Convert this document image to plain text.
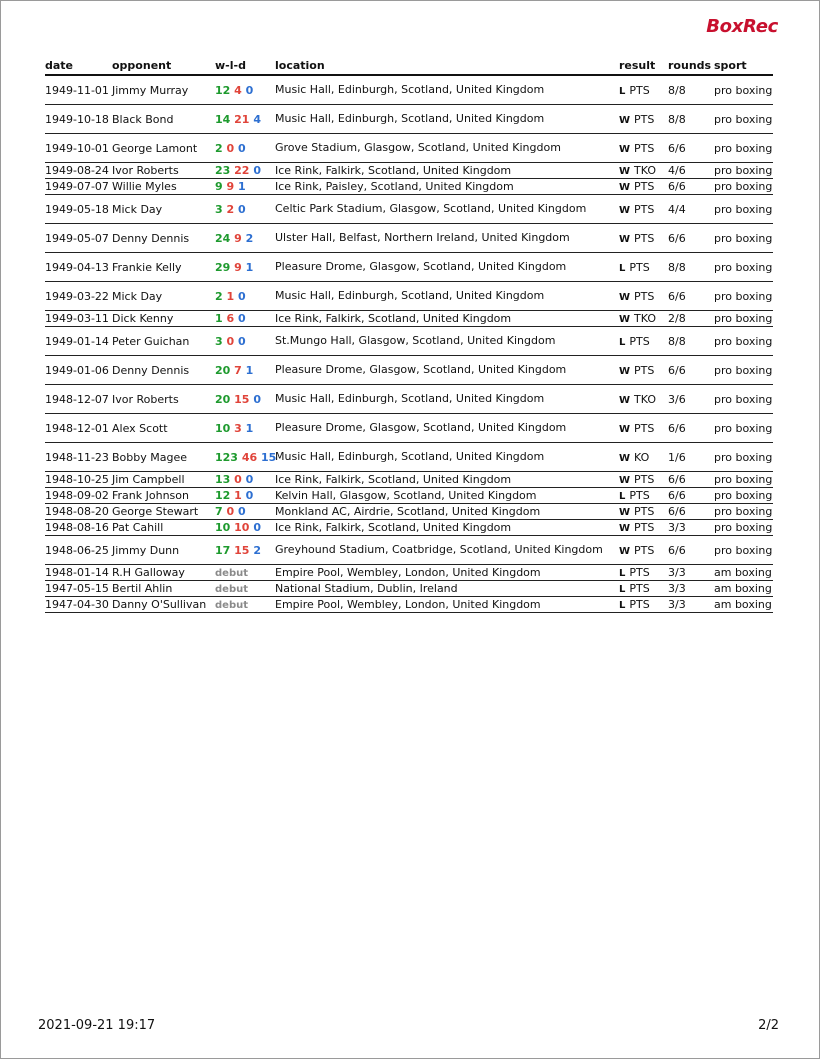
BoxRec
date	opponent	w-l-d	location	result	rounds	sport
1949-11-01	Jimmy Murray	12 4 0	Music Hall, Edinburgh, Scotland, United Kingdom	L PTS	8/8	pro boxing
1949-10-18	Black Bond	14 21 4	Music Hall, Edinburgh, Scotland, United Kingdom	W PTS	8/8	pro boxing
1949-10-01	George Lamont	2 0 0	Grove Stadium, Glasgow, Scotland, United Kingdom	W PTS	6/6	pro boxing
1949-08-24	Ivor Roberts	23 22 0	Ice Rink, Falkirk, Scotland, United Kingdom	W TKO	4/6	pro boxing
1949-07-07	Willie Myles	9 9 1	Ice Rink, Paisley, Scotland, United Kingdom	W PTS	6/6	pro boxing
1949-05-18	Mick Day	3 2 0	Celtic Park Stadium, Glasgow, Scotland, United Kingdom	W PTS	4/4	pro boxing
1949-05-07	Denny Dennis	24 9 2	Ulster Hall, Belfast, Northern Ireland, United Kingdom	W PTS	6/6	pro boxing
1949-04-13	Frankie Kelly	29 9 1	Pleasure Drome, Glasgow, Scotland, United Kingdom	L PTS	8/8	pro boxing
1949-03-22	Mick Day	2 1 0	Music Hall, Edinburgh, Scotland, United Kingdom	W PTS	6/6	pro boxing
1949-03-11	Dick Kenny	1 6 0	Ice Rink, Falkirk, Scotland, United Kingdom	W TKO	2/8	pro boxing
1949-01-14	Peter Guichan	3 0 0	St.Mungo Hall, Glasgow, Scotland, United Kingdom	L PTS	8/8	pro boxing
1949-01-06	Denny Dennis	20 7 1	Pleasure Drome, Glasgow, Scotland, United Kingdom	W PTS	6/6	pro boxing
1948-12-07	Ivor Roberts	20 15 0	Music Hall, Edinburgh, Scotland, United Kingdom	W TKO	3/6	pro boxing
1948-12-01	Alex Scott	10 3 1	Pleasure Drome, Glasgow, Scotland, United Kingdom	W PTS	6/6	pro boxing
1948-11-23	Bobby Magee	123 46 15	Music Hall, Edinburgh, Scotland, United Kingdom	W KO	1/6	pro boxing
1948-10-25	Jim Campbell	13 0 0	Ice Rink, Falkirk, Scotland, United Kingdom	W PTS	6/6	pro boxing
1948-09-02	Frank Johnson	12 1 0	Kelvin Hall, Glasgow, Scotland, United Kingdom	L PTS	6/6	pro boxing
1948-08-20	George Stewart	7 0 0	Monkland AC, Airdrie, Scotland, United Kingdom	W PTS	6/6	pro boxing
1948-08-16	Pat Cahill	10 10 0	Ice Rink, Falkirk, Scotland, United Kingdom	W PTS	3/3	pro boxing
1948-06-25	Jimmy Dunn	17 15 2	Greyhound Stadium, Coatbridge, Scotland, United Kingdom	W PTS	6/6	pro boxing
1948-01-14	R.H Galloway	debut	Empire Pool, Wembley, London, United Kingdom	L PTS	3/3	am boxing
1947-05-15	Bertil Ahlin	debut	National Stadium, Dublin, Ireland	L PTS	3/3	am boxing
1947-04-30	Danny O'Sullivan	debut	Empire Pool, Wembley, London, United Kingdom	L PTS	3/3	am boxing
2021-09-21 19:17	2/2
